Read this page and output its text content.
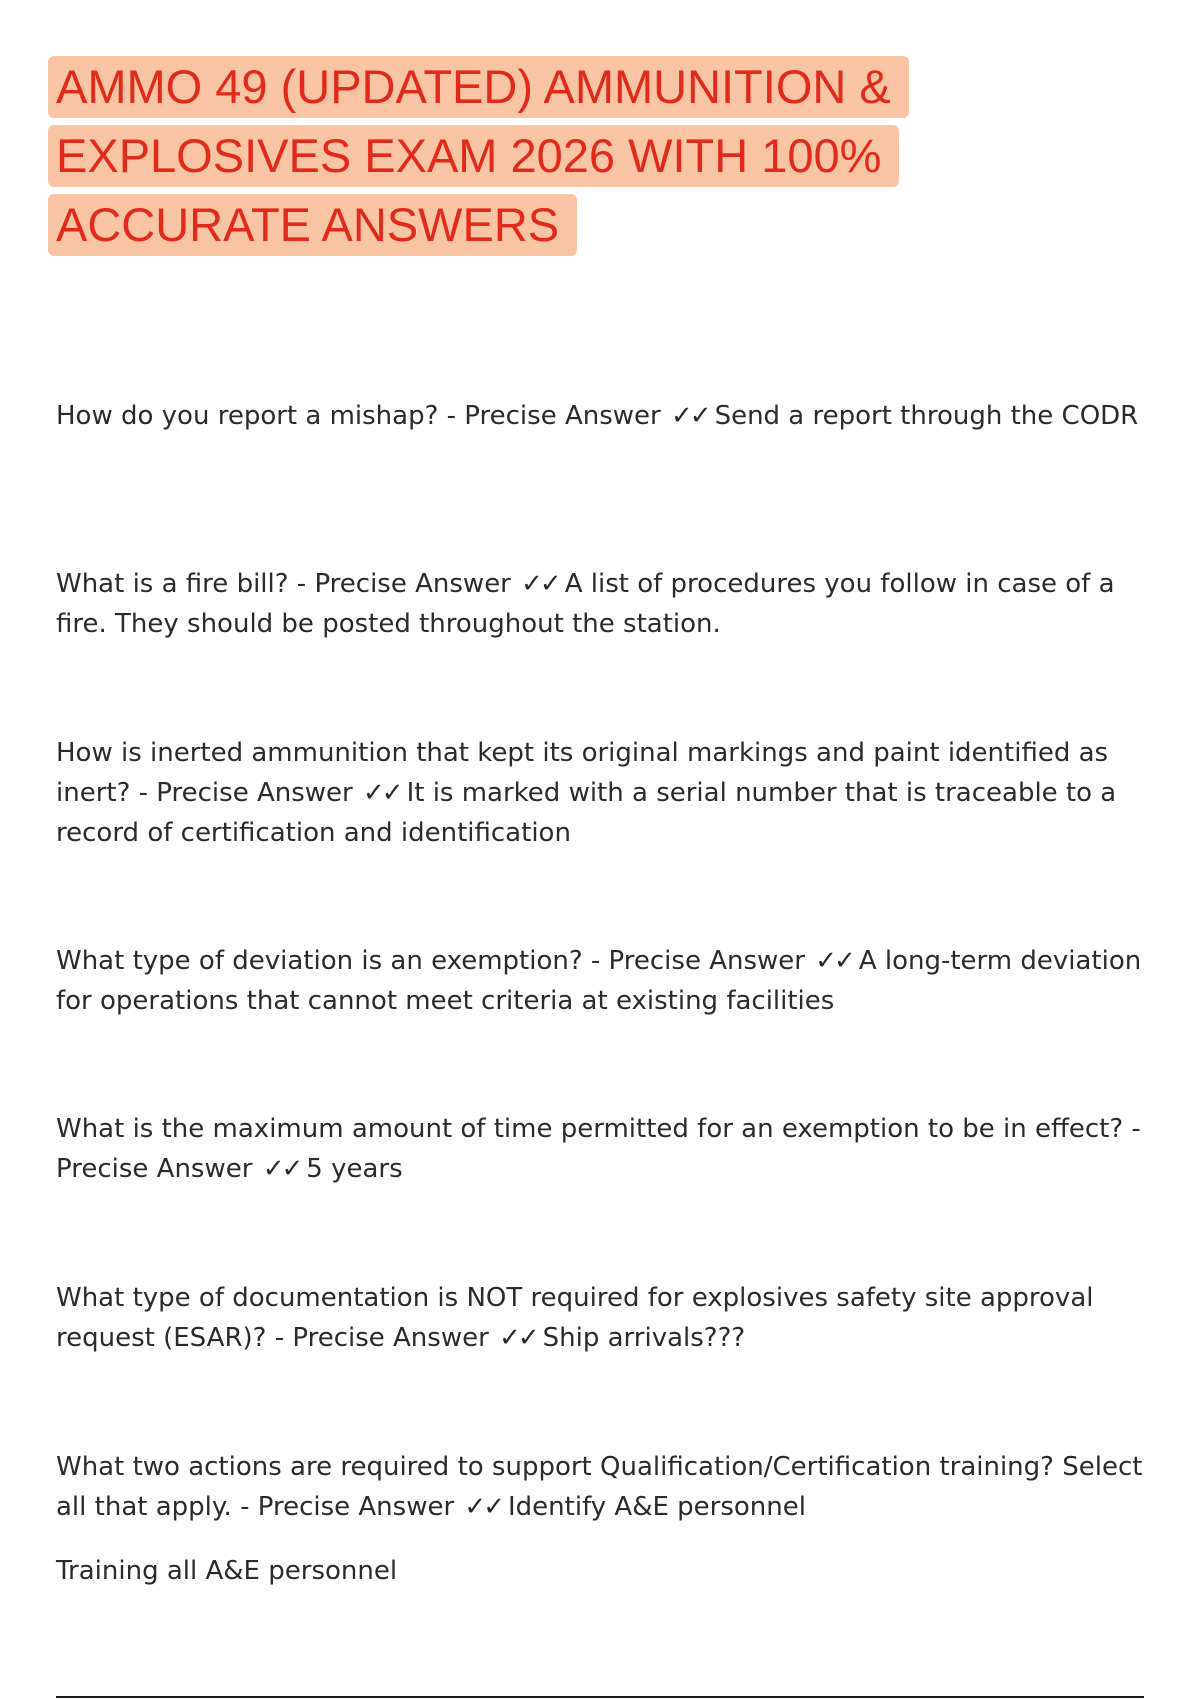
AMMO 49 (UPDATED) AMMUNITION &
EXPLOSIVES EXAM 2026 WITH 100%
ACCURATE ANSWERS

How do you report a mishap? - Precise Answer ✓✓ Send a report through the CODR

What is a fire bill? - Precise Answer ✓✓ A list of procedures you follow in case of a fire. They should be posted throughout the station.

How is inerted ammunition that kept its original markings and paint identified as inert? - Precise Answer ✓✓ It is marked with a serial number that is traceable to a record of certification and identification

What type of deviation is an exemption? - Precise Answer ✓✓ A long-term deviation for operations that cannot meet criteria at existing facilities

What is the maximum amount of time permitted for an exemption to be in effect? - Precise Answer ✓✓ 5 years

What type of documentation is NOT required for explosives safety site approval request (ESAR)? - Precise Answer ✓✓ Ship arrivals???

What two actions are required to support Qualification/Certification training? Select all that apply. - Precise Answer ✓✓ Identify A&E personnel

Training all A&E personnel
